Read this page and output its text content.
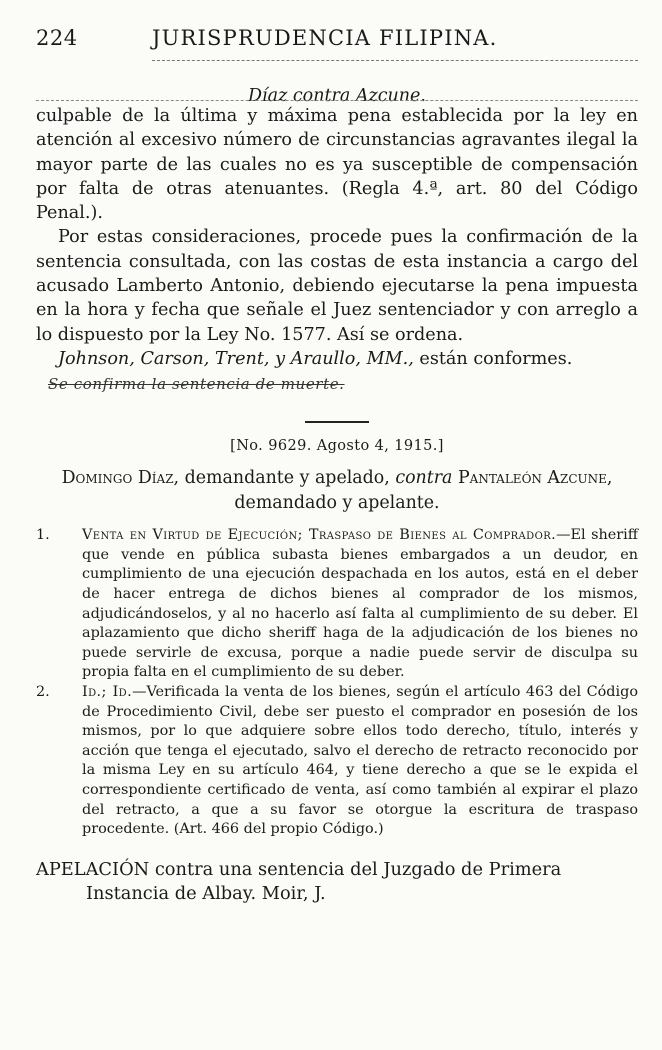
224	JURISPRUDENCIA FILIPINA.
Díaz contra Azcune.

culpable de la última y máxima pena establecida por la ley en atención al excesivo número de circunstancias agravantes ilegal la mayor parte de las cuales no es ya susceptible de compensación por falta de otras atenuantes. (Regla 4.ª, art. 80 del Código Penal.).

Por estas consideraciones, procede pues la confirmación de la sentencia consultada, con las costas de esta instancia a cargo del acusado Lamberto Antonio, debiendo ejecutarse la pena impuesta en la hora y fecha que señale el Juez sentenciador y con arreglo a lo dispuesto por la Ley No. 1577. Así se ordena.

Johnson, Carson, Trent, y Araullo, MM., están conformes.

Se confirma la sentencia de muerte.

[No. 9629. Agosto 4, 1915.]

Domingo Díaz, demandante y apelado, contra Pantaleón Azcune, demandado y apelante.

1.	Venta en Virtud de Ejecución; Traspaso de Bienes al Comprador.—El sheriff que vende en pública subasta bienes embargados a un deudor, en cumplimiento de una ejecución despachada en los autos, está en el deber de hacer entrega de dichos bienes al comprador de los mismos, adjudicándoselos, y al no hacerlo así falta al cumplimiento de su deber. El aplazamiento que dicho sheriff haga de la adjudicación de los bienes no puede servirle de excusa, porque a nadie puede servir de disculpa su propia falta en el cumplimiento de su deber.
2.	Id.; Id.—Verificada la venta de los bienes, según el artículo 463 del Código de Procedimiento Civil, debe ser puesto el comprador en posesión de los mismos, por lo que adquiere sobre ellos todo derecho, título, interés y acción que tenga el ejecutado, salvo el derecho de retracto reconocido por la misma Ley en su artículo 464, y tiene derecho a que se le expida el correspondiente certificado de venta, así como también al expirar el plazo del retracto, a que a su favor se otorgue la escritura de traspaso procedente. (Art. 466 del propio Código.)

APELACIÓN contra una sentencia del Juzgado de Primera Instancia de Albay. Moir, J.
